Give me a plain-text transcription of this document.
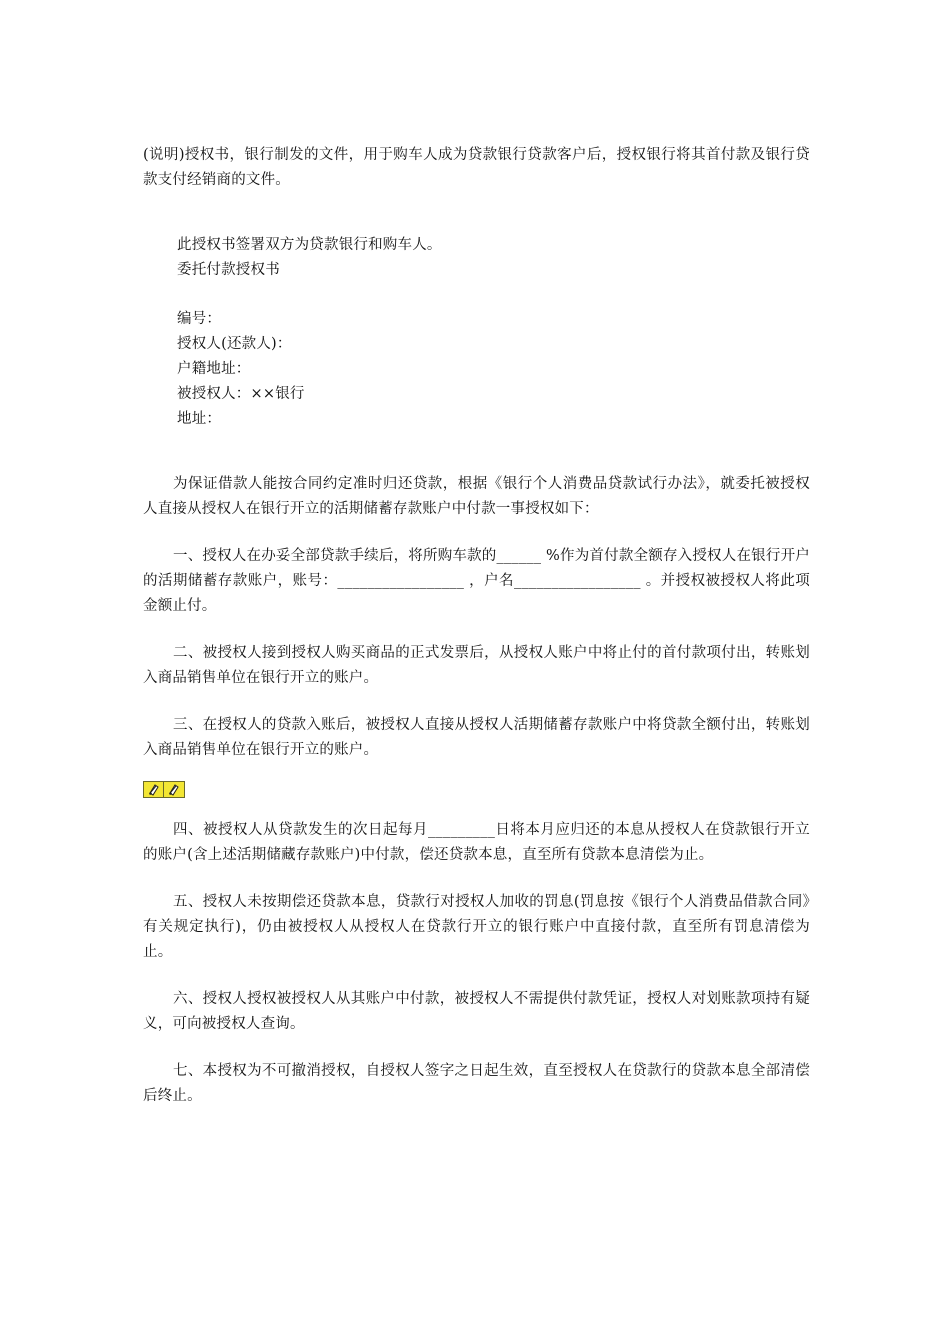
(说明)授权书，银行制发的文件，用于购车人成为贷款银行贷款客户后，授权银行将其首付款及银行贷款支付经销商的文件。

此授权书签署双方为贷款银行和购车人。

委托付款授权书

编号：

授权人(还款人)：

户籍地址：

被授权人：××银行

地址：

为保证借款人能按合同约定准时归还贷款，根据《银行个人消费品贷款试行办法》，就委托被授权人直接从授权人在银行开立的活期储蓄存款账户中付款一事授权如下：

一、授权人在办妥全部贷款手续后，将所购车款的______ %作为首付款全额存入授权人在银行开户的活期储蓄存款账户，账号：_________________ ，户名_________________ 。并授权被授权人将此项金额止付。

二、被授权人接到授权人购买商品的正式发票后，从授权人账户中将止付的首付款项付出，转账划入商品销售单位在银行开立的账户。

三、在授权人的贷款入账后，被授权人直接从授权人活期储蓄存款账户中将贷款全额付出，转账划入商品销售单位在银行开立的账户。

四、被授权人从贷款发生的次日起每月_________日将本月应归还的本息从授权人在贷款银行开立的账户(含上述活期储藏存款账户)中付款，偿还贷款本息，直至所有贷款本息清偿为止。

五、授权人未按期偿还贷款本息，贷款行对授权人加收的罚息(罚息按《银行个人消费品借款合同》有关规定执行)，仍由被授权人从授权人在贷款行开立的银行账户中直接付款，直至所有罚息清偿为止。

六、授权人授权被授权人从其账户中付款，被授权人不需提供付款凭证，授权人对划账款项持有疑义，可向被授权人查询。

七、本授权为不可撤消授权，自授权人签字之日起生效，直至授权人在贷款行的贷款本息全部清偿后终止。
